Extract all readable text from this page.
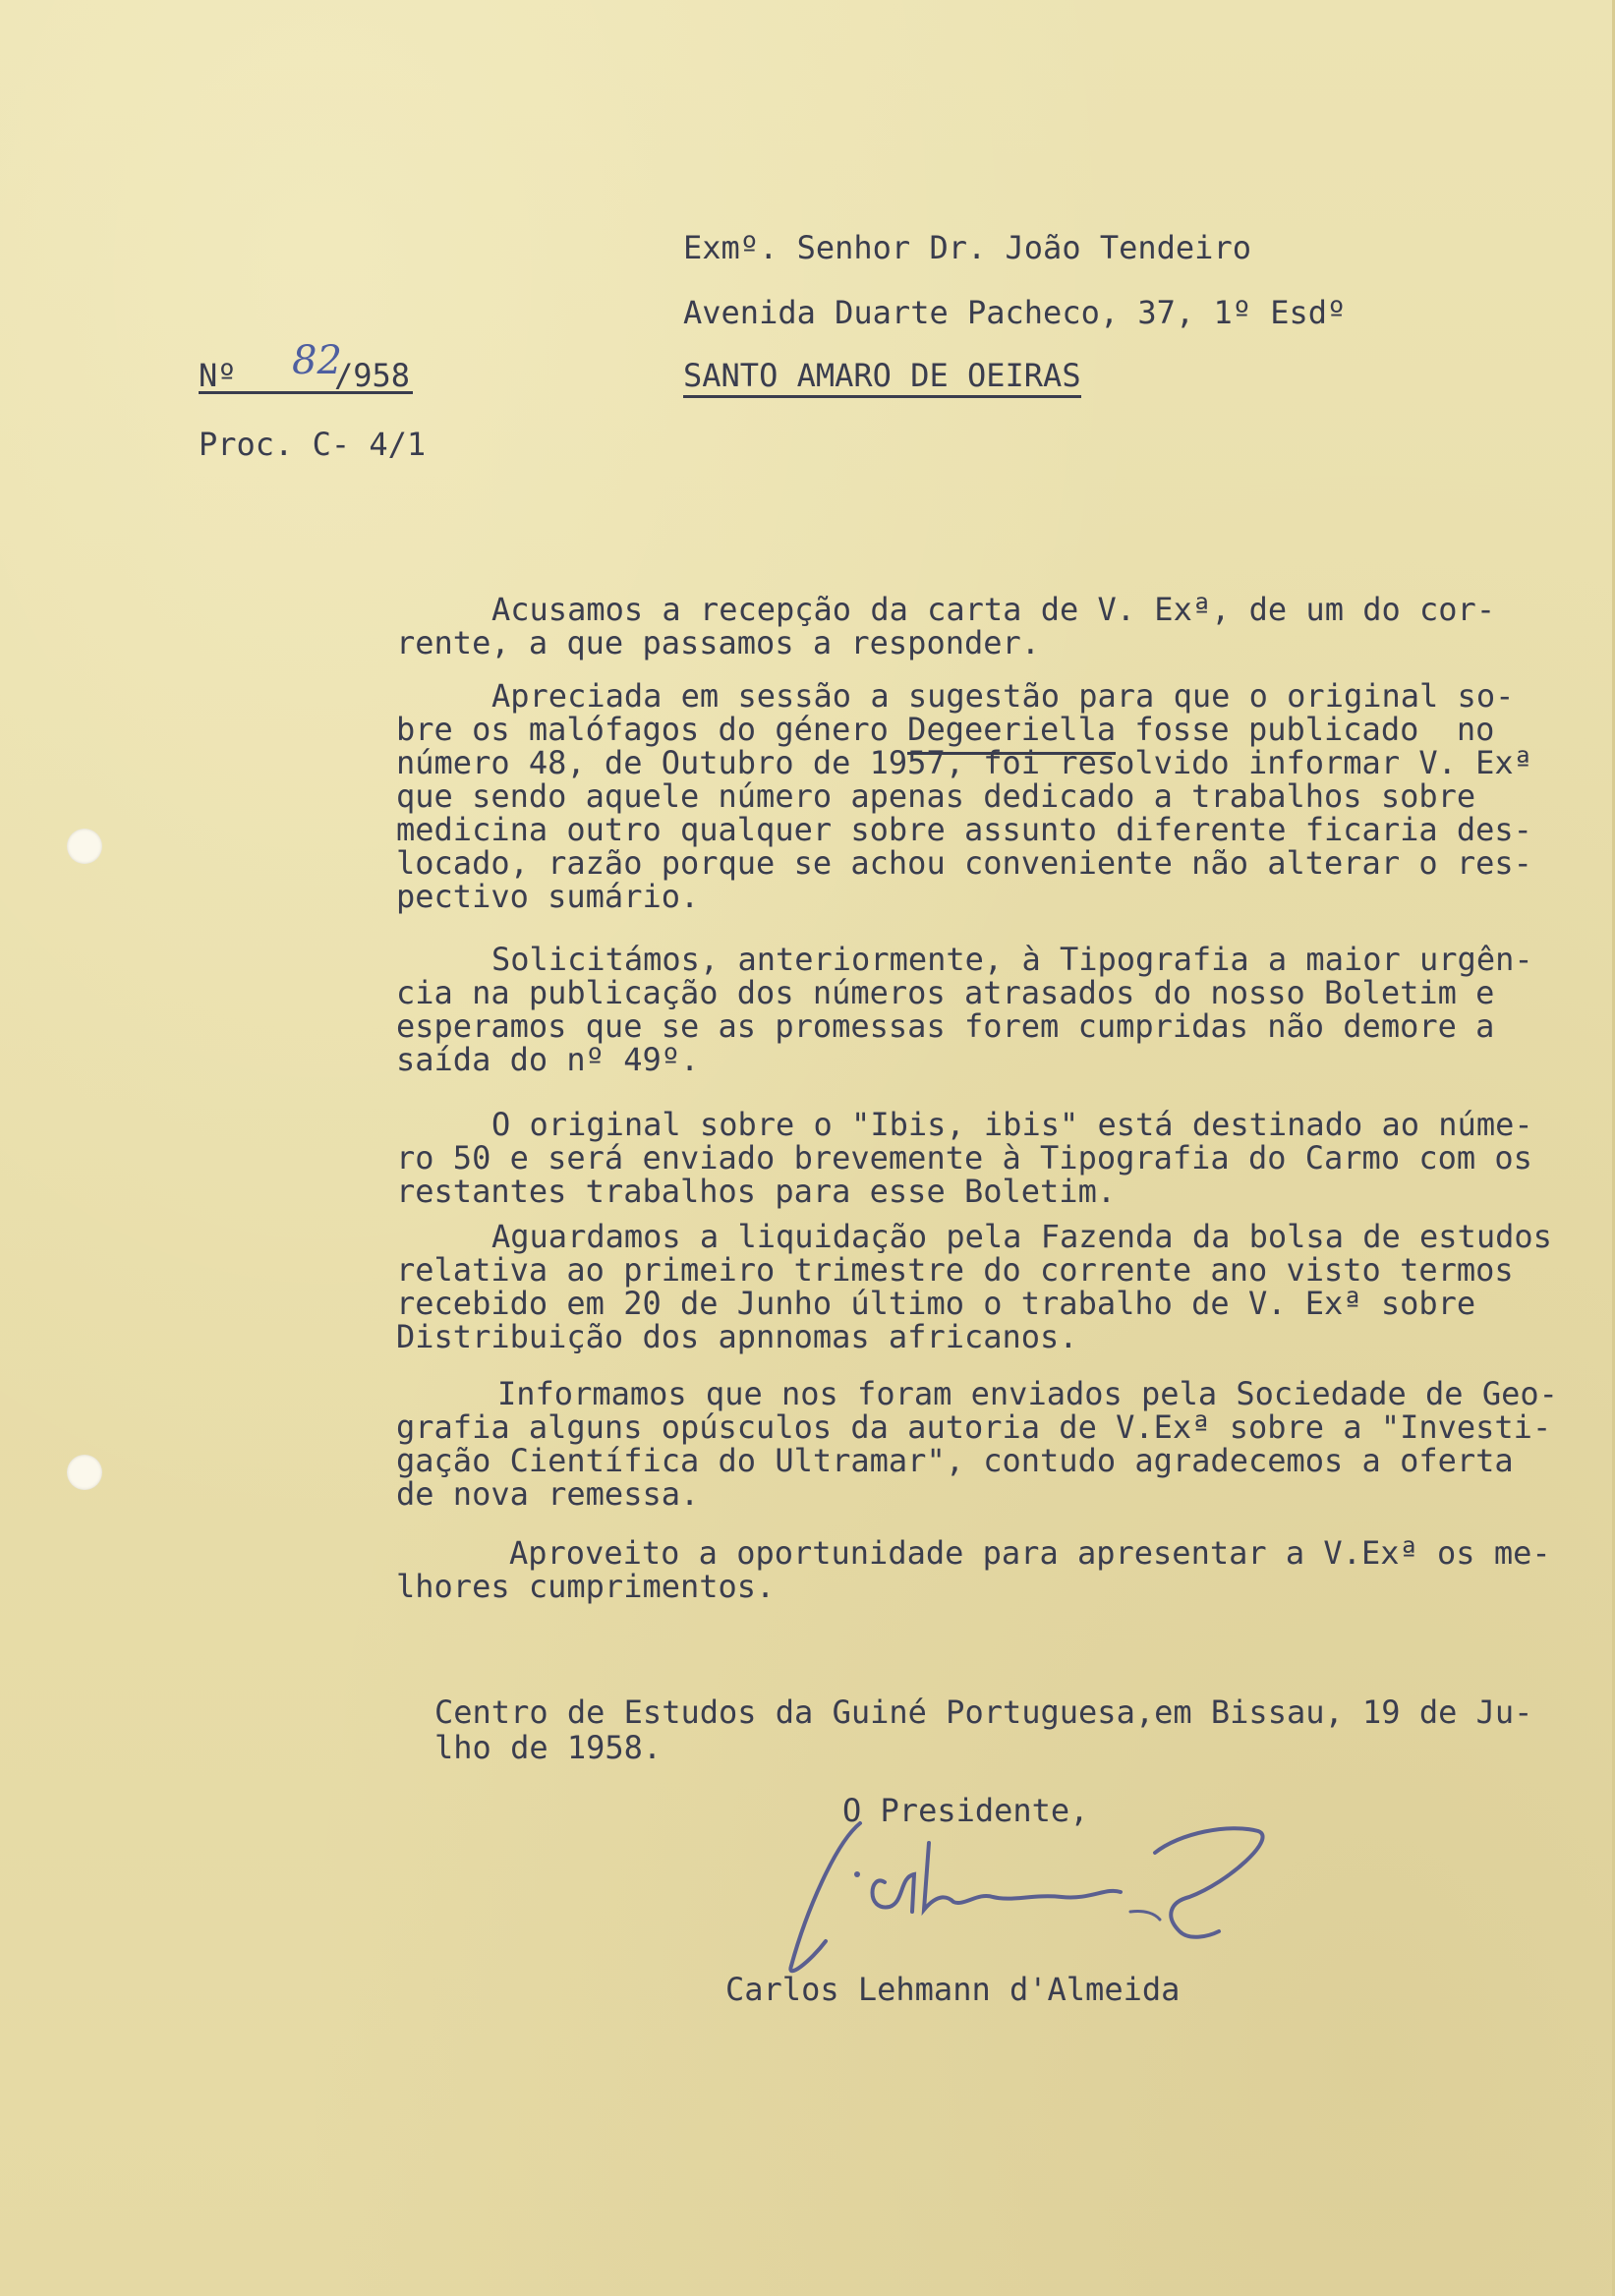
Exmº. Senhor Dr. João Tendeiro
Avenida Duarte Pacheco, 37, 1º Esdº
SANTO AMARO DE OEIRAS
Nº 82
/958
Proc. C- 4/1
Acusamos a recepção da carta de V. Exª, de um do cor-
rente, a que passamos a responder.
Apreciada em sessão a sugestão para que o original so-
bre os malófagos do género Degeeriella fosse publicado  no
número 48, de Outubro de 1957, foi resolvido informar V. Exª
que sendo aquele número apenas dedicado a trabalhos sobre
medicina outro qualquer sobre assunto diferente ficaria des-
locado, razão porque se achou conveniente não alterar o res-
pectivo sumário.
Solicitámos, anteriormente, à Tipografia a maior urgên-
cia na publicação dos números atrasados do nosso Boletim e
esperamos que se as promessas forem cumpridas não demore a
saída do nº 49º.
O original sobre o "Ibis, ibis" está destinado ao núme-
ro 50 e será enviado brevemente à Tipografia do Carmo com os
restantes trabalhos para esse Boletim.
Aguardamos a liquidação pela Fazenda da bolsa de estudos
relativa ao primeiro trimestre do corrente ano visto termos
recebido em 20 de Junho último o trabalho de V. Exª sobre
Distribuição dos apnnomas africanos.
Informamos que nos foram enviados pela Sociedade de Geo-
grafia alguns opúsculos da autoria de V.Exª sobre a "Investi-
gação Científica do Ultramar", contudo agradecemos a oferta
de nova remessa.
Aproveito a oportunidade para apresentar a V.Exª os me-
lhores cumprimentos.
Centro de Estudos da Guiné Portuguesa,em Bissau, 19 de Ju-
lho de 1958.
O Presidente,
Carlos Lehmann d'Almeida
